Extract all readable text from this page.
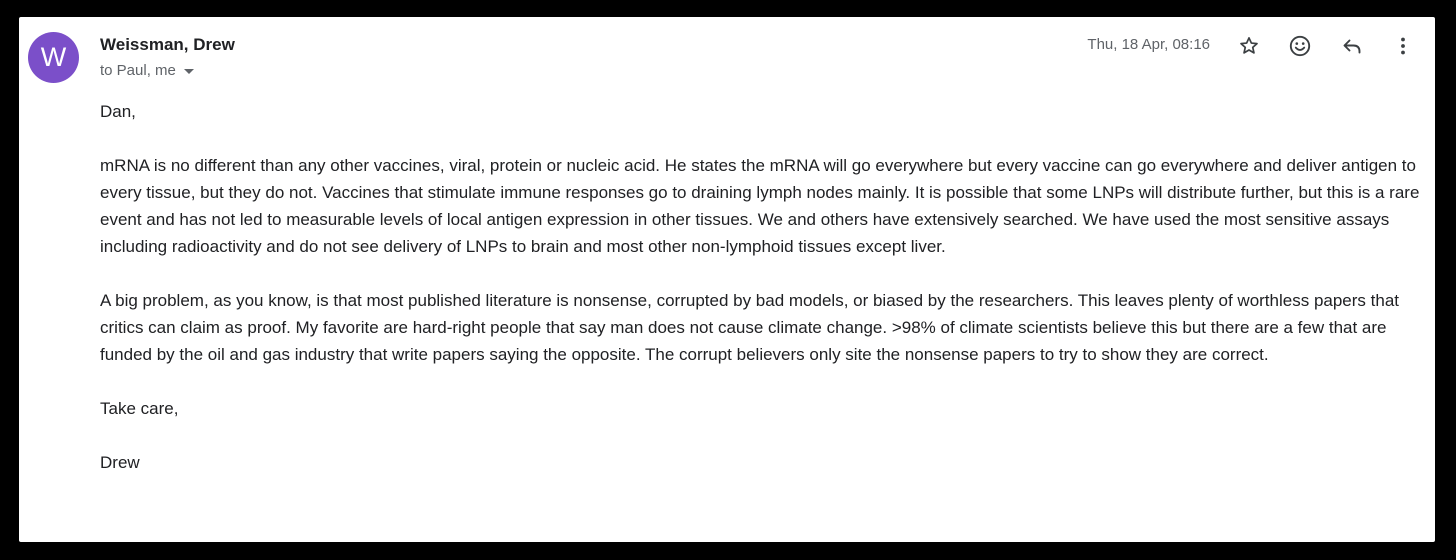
W Weissman, Drew
to Paul, me
Thu, 18 Apr, 08:16

Dan,

mRNA is no different than any other vaccines, viral, protein or nucleic acid. He states the mRNA will go everywhere but every vaccine can go everywhere and deliver antigen to every tissue, but they do not. Vaccines that stimulate immune responses go to draining lymph nodes mainly. It is possible that some LNPs will distribute further, but this is a rare event and has not led to measurable levels of local antigen expression in other tissues. We and others have extensively searched. We have used the most sensitive assays including radioactivity and do not see delivery of LNPs to brain and most other non-lymphoid tissues except liver.

A big problem, as you know, is that most published literature is nonsense, corrupted by bad models, or biased by the researchers. This leaves plenty of worthless papers that critics can claim as proof. My favorite are hard-right people that say man does not cause climate change. >98% of climate scientists believe this but there are a few that are funded by the oil and gas industry that write papers saying the opposite. The corrupt believers only site the nonsense papers to try to show they are correct.

Take care,

Drew
